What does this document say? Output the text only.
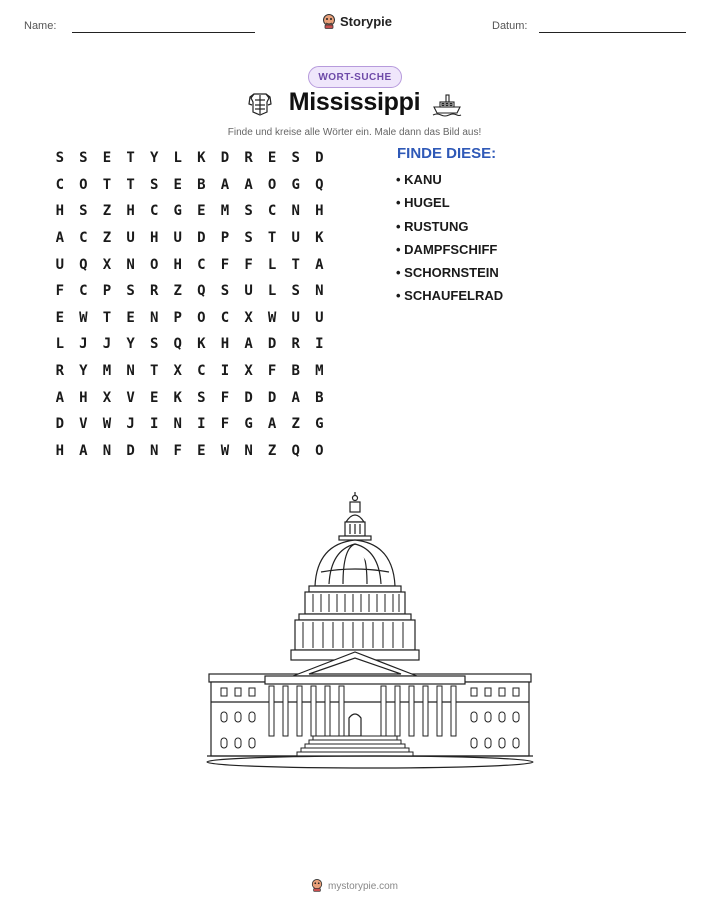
Name:	Datum:
Storypie
WORT-SUCHE
Mississippi
Finde und kreise alle Wörter ein. Male dann das Bild aus!
S	S	E	T	Y	L	K	D	R	E	S	D
C	O	T	T	S	E	B	A	A	O	G	Q
H	S	Z	H	C	G	E	M	S	C	N	H
A	C	Z	U	H	U	D	P	S	T	U	K
U	Q	X	N	O	H	C	F	F	L	T	A
F	C	P	S	R	Z	Q	S	U	L	S	N
E	W	T	E	N	P	O	C	X	W	U	U
L	J	J	Y	S	Q	K	H	A	D	R	I
R	Y	M	N	T	X	C	I	X	F	B	M
A	H	X	V	E	K	S	F	D	D	A	B
D	V	W	J	I	N	I	F	G	A	Z	G
H	A	N	D	N	F	E	W	N	Z	Q	O
FINDE DIESE:
• KANU
• HUGEL
• RUSTUNG
• DAMPFSCHIFF
• SCHORNSTEIN
• SCHAUFELRAD
mystorypie.com
